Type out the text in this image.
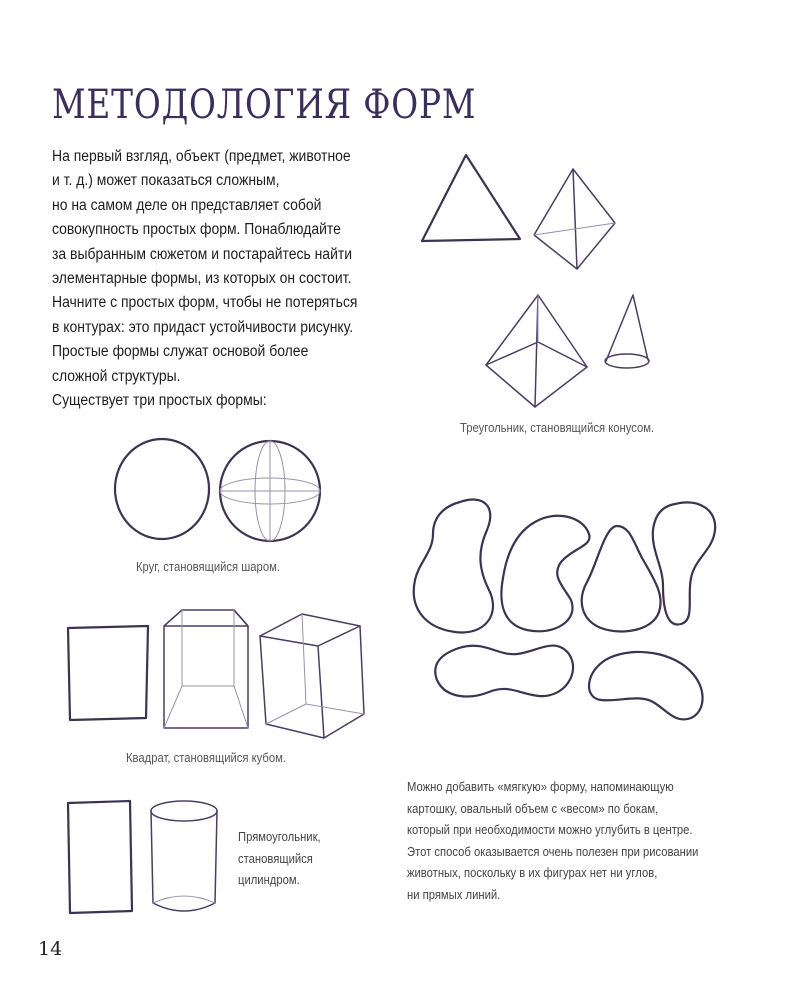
МЕТОДОЛОГИЯ ФОРМ

На первый взгляд, объект (предмет, животное

и т. д.) может показаться сложным,

но на самом деле он представляет собой

совокупность простых форм. Понаблюдайте

за выбранным сюжетом и постарайтесь найти

элементарные формы, из которых он состоит.

Начните с простых форм, чтобы не потеряться

в контурах: это придаст устойчивости рисунку.

Простые формы служат основой более

сложной структуры.

Существует три простых формы:

Треугольник, становящийся конусом.
Круг, становящийся шаром.
Квадрат, становящийся кубом.

Прямоугольник,

становящийся

цилиндром.

Можно добавить «мягкую» форму, напоминающую

картошку, овальный объем с «весом» по бокам,

который при необходимости можно углубить в центре.

Этот способ оказывается очень полезен при рисовании

животных, поскольку в их фигурах нет ни углов,

ни прямых линий.

14
